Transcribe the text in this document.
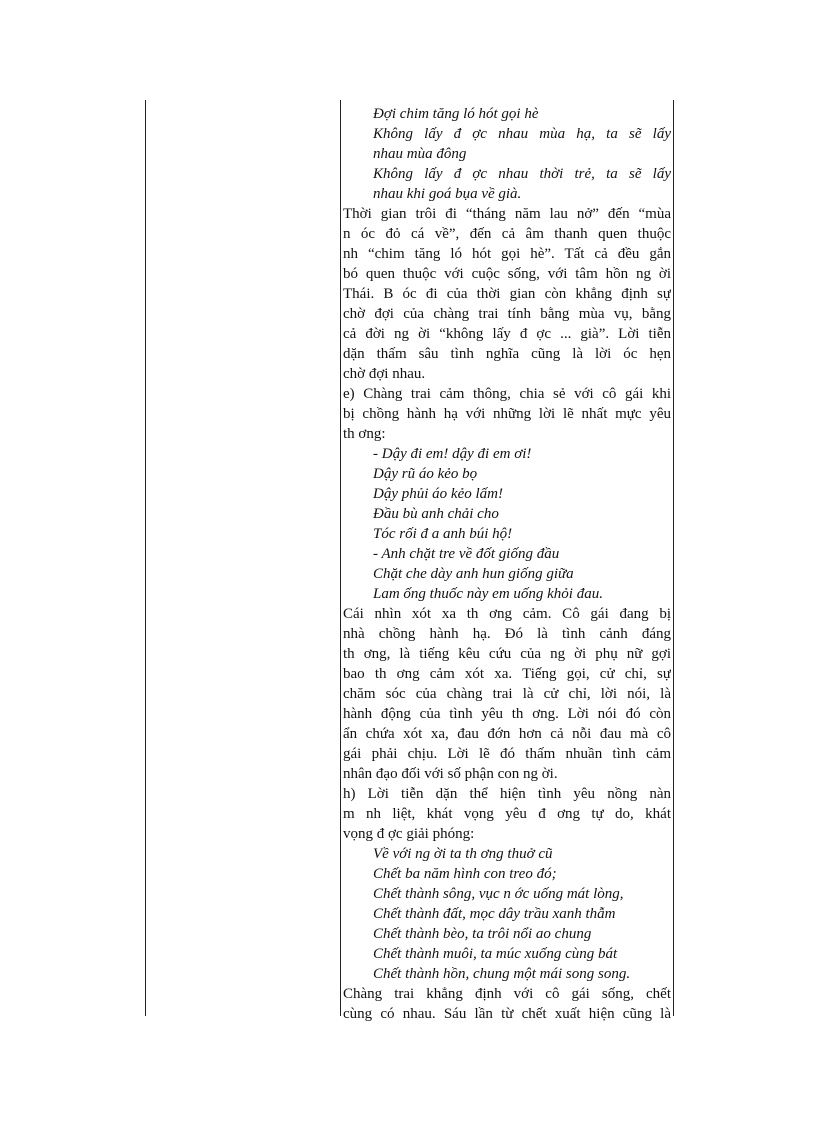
Đợi chim tăng ló hót gọi hè
Không lấy đ ợc nhau mùa hạ, ta sẽ lấy
nhau mùa đông
Không lấy đ ợc nhau thời trẻ, ta sẽ lấy
nhau khi goá bụa về già.
Thời gian trôi đi “tháng năm lau nở” đến “mùa
n óc đỏ cá về”, đến cả âm thanh quen thuộc
nh “chim tăng ló hót gọi hè”. Tất cả đều gắn
bó quen thuộc với cuộc sống, với tâm hồn ng ời
Thái. B óc đi của thời gian còn khẳng định sự
chờ đợi của chàng trai tính bằng mùa vụ, bằng
cả đời ng ời “không lấy đ ợc ... già”. Lời tiễn
dặn thấm sâu tình nghĩa cũng là lời óc hẹn
chờ đợi nhau.
e) Chàng trai cảm thông, chia sẻ với cô gái khi
bị chồng hành hạ với những lời lẽ nhất mực yêu
th ơng:
- Dậy đi em! dậy đi em ơi!
Dậy rũ áo kẻo bọ
Dậy phủi áo kẻo lấm!
Đầu bù anh chải cho
Tóc rối đ a anh búi hộ!
- Anh chặt tre về đốt giống đầu
Chặt che dày anh hun giống giữa
Lam ống thuốc này em uống khỏi đau.
Cái nhìn xót xa th ơng cảm. Cô gái đang bị
nhà chồng hành hạ. Đó là tình cảnh đáng
th ơng, là tiếng kêu cứu của ng ời phụ nữ gợi
bao th ơng cảm xót xa. Tiếng gọi, cử chỉ, sự
chăm sóc của chàng trai là cử chỉ, lời nói, là
hành động của tình yêu th ơng. Lời nói đó còn
ẩn chứa xót xa, đau đớn hơn cả nỗi đau mà cô
gái phải chịu. Lời lẽ đó thấm nhuần tình cảm
nhân đạo đối với số phận con ng ời.
h) Lời tiễn dặn thể hiện tình yêu nồng nàn
m nh liệt, khát vọng yêu đ ơng tự do, khát
vọng đ ợc giải phóng:
Về với ng ời ta th ơng thuở cũ
Chết ba năm hình con treo đó;
Chết thành sông, vục n ớc uống mát lòng,
Chết thành đất, mọc dây trầu xanh thẫm
Chết thành bèo, ta trôi nổi ao chung
Chết thành muôi, ta múc xuống cùng bát
Chết thành hồn, chung một mái song song.
Chàng trai khẳng định với cô gái sống, chết
cùng có nhau. Sáu lần từ chết xuất hiện cũng là
